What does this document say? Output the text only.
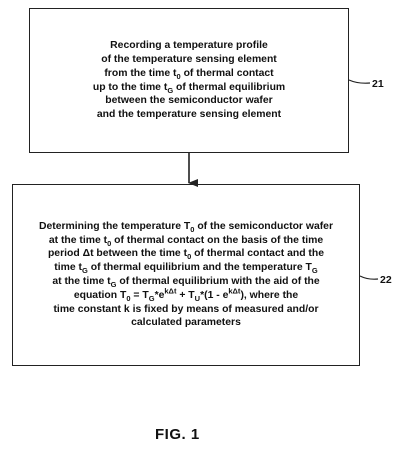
Recording a temperature profile
of the temperature sensing element
from the time $t_0$ of thermal contact
up to the time $t_G$ of thermal equilibrium
between the semiconductor wafer
and the temperature sensing element
21
Determining the temperature $T_0$ of the semiconductor wafer
at the time $t_0$ of thermal contact on the basis of the time
period Δt between the time $t_0$ of thermal contact and the
time $t_G$ of thermal equilibrium and the temperature $T_G$
at the time $t_G$ of thermal equilibrium with the aid of the
equation $T_0 = T_G*e^{k\Delta t} + T_U*(1 - e^{k\Delta t})$, where the
time constant k is fixed by means of measured and/or
calculated parameters
22
FIG. 1
